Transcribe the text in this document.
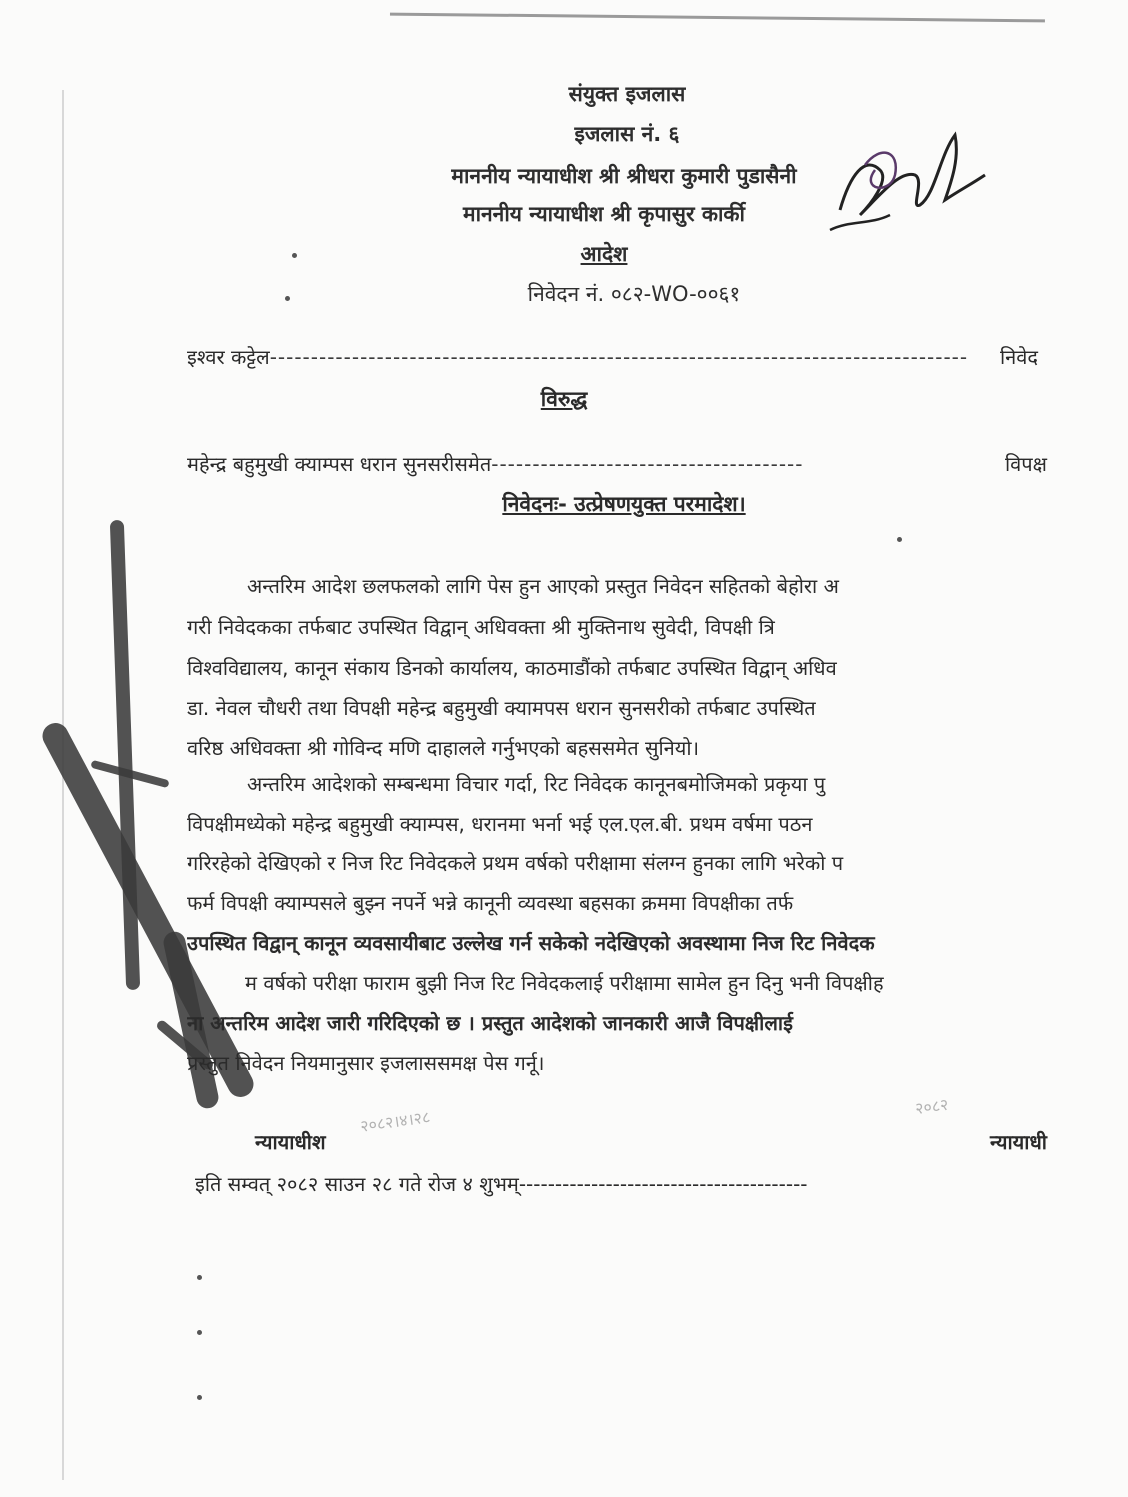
संयुक्त इजलास
इजलास नं. ६
माननीय न्यायाधीश श्री श्रीधरा कुमारी पुडासैनी
माननीय न्यायाधीश श्री कृपासुर कार्की
आदेश
निवेदन नं. ०८२-WO-००६१
इश्वर कट्टेल------------------------------------------------------------------------------------- निवेद
विरुद्ध
महेन्द्र बहुमुखी क्याम्पस धरान सुनसरीसमेत--------------------------------------	विपक्ष
निवेदनः- उत्प्रेषणयुक्त परमादेश।
अन्तरिम आदेश छलफलको लागि पेस हुन आएको प्रस्तुत निवेदन सहितको बेहोरा अ
गरी निवेदकका तर्फबाट उपस्थित विद्वान् अधिवक्ता श्री मुक्तिनाथ सुवेदी, विपक्षी त्रि
विश्वविद्यालय, कानून संकाय डिनको कार्यालय, काठमाडौंको तर्फबाट उपस्थित विद्वान् अधिव
डा. नेवल चौधरी तथा विपक्षी महेन्द्र बहुमुखी क्यामपस धरान सुनसरीको तर्फबाट उपस्थित
वरिष्ठ अधिवक्ता श्री गोविन्द मणि दाहालले गर्नुभएको बहससमेत सुनियो।
अन्तरिम आदेशको सम्बन्धमा विचार गर्दा, रिट निवेदक कानूनबमोजिमको प्रकृया पु
विपक्षीमध्येको महेन्द्र बहुमुखी क्याम्पस, धरानमा भर्ना भई एल.एल.बी. प्रथम वर्षमा पठन
गरिरहेको देखिएको र निज रिट निवेदकले प्रथम वर्षको परीक्षामा संलग्न हुनका लागि भरेको प
फर्म विपक्षी क्याम्पसले बुझ्न नपर्ने भन्ने कानूनी व्यवस्था बहसका क्रममा विपक्षीका तर्फ
उपस्थित विद्वान् कानून व्यवसायीबाट उल्लेख गर्न सकेको नदेखिएको अवस्थामा निज रिट निवेदक
म वर्षको परीक्षा फाराम बुझी निज रिट निवेदकलाई परीक्षामा सामेल हुन दिनु भनी विपक्षीह
ना अन्तरिम आदेश जारी गरिदिएको छ । प्रस्तुत आदेशको जानकारी आजै विपक्षीलाई
प्रस्तुत निवेदन नियमानुसार इजलाससमक्ष पेस गर्नू।
२०८२।४।२८
२०८२
न्यायाधीश	न्यायाधी
इति सम्वत् २०८२ साउन २८ गते रोज ४ शुभम्----------------------------------------
